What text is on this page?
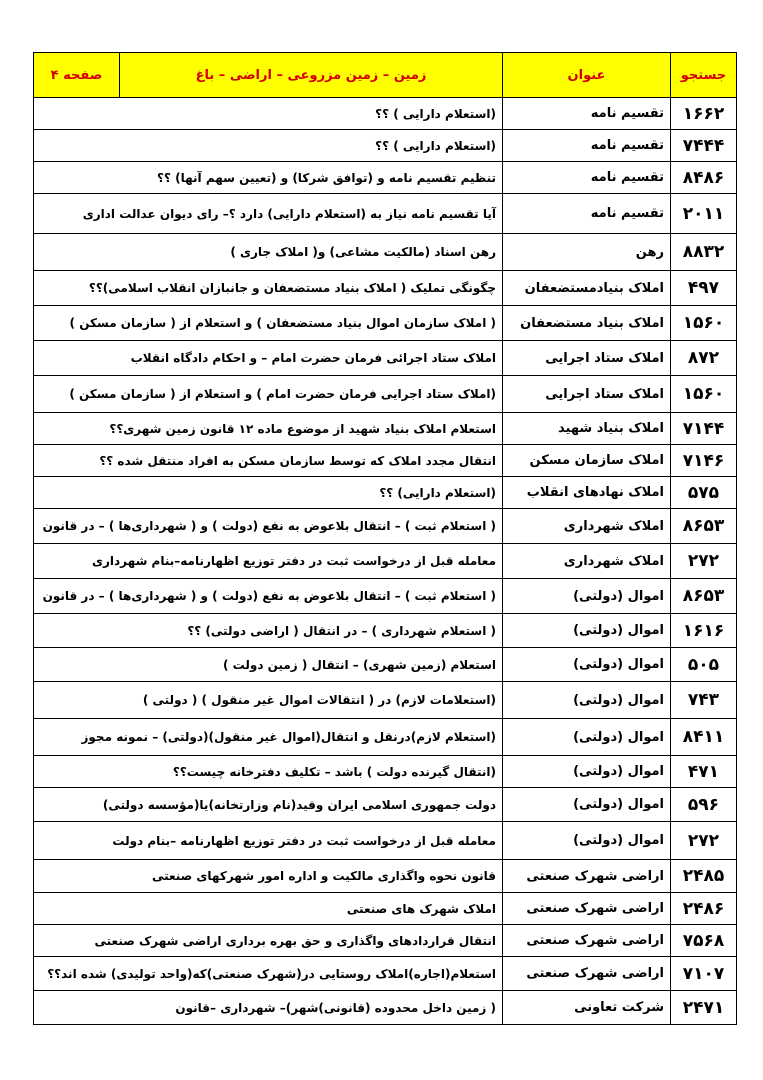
جستجو	عنوان	زمین – زمین مزروعی – اراضی – باغ	صفحه ۴
۱۶۶۲	تقسیم نامه	(استعلام دارایی ) ؟؟	
۷۴۴۴	تقسیم نامه	(استعلام دارایی ) ؟؟	
۸۴۸۶	تقسیم نامه	تنظیم تقسیم نامه و (توافق شرکا) و (تعیین سهم آنها) ؟؟	
۲۰۱۱	تقسیم نامه	آیا تقسیم نامه نیاز به (استعلام دارایی) دارد ؟– رای دیوان عدالت اداری	
۸۸۳۲	رهن	رهن اسناد (مالکیت مشاعی) و( املاک جاری )	
۴۹۷	املاک بنیادمستضعفان	چگونگی تملیک ( املاک بنیاد مستضعفان و جانبازان انقلاب اسلامی)؟؟	
۱۵۶۰	املاک بنیاد مستضعفان	( املاک سازمان اموال بنیاد مستضعفان ) و استعلام از ( سازمان مسکن )	
۸۷۲	املاک ستاد اجرایی	املاک ستاد اجرائی فرمان حضرت امام – و احکام دادگاه انقلاب	
۱۵۶۰	املاک ستاد اجرایی	(املاک ستاد اجرایی فرمان حضرت امام ) و استعلام از ( سازمان مسکن )	
۷۱۴۴	املاک بنیاد شهید	استعلام املاک بنیاد شهید از موضوع ماده ۱۲ قانون زمین شهری؟؟	
۷۱۴۶	املاک سازمان مسکن	انتقال مجدد املاک که توسط سازمان مسکن به افراد منتقل شده ؟؟	
۵۷۵	املاک نهادهای انقلاب	(استعلام دارایی) ؟؟	
۸۶۵۳	املاک شهرداری	( استعلام ثبت ) – انتقال بلاعوض به نفع (دولت ) و ( شهرداری‌ها ) – در قانون	
۲۷۲	املاک شهرداری	معامله قبل از درخواست ثبت در دفتر توزیع اظهارنامه–بنام شهرداری	
۸۶۵۳	اموال (دولتی)	( استعلام ثبت ) – انتقال بلاعوض به نفع (دولت ) و ( شهرداری‌ها ) – در قانون	
۱۶۱۶	اموال (دولتی)	( استعلام شهرداری ) – در انتقال ( اراضی دولتی) ؟؟	
۵۰۵	اموال (دولتی)	استعلام (زمین شهری) – انتقال ( زمین دولت )	
۷۴۳	اموال (دولتی)	(استعلامات لازم) در ( انتقالات اموال غیر منقول ) ( دولتی )	
۸۴۱۱	اموال (دولتی)	(استعلام لازم)درنقل و انتقال(اموال غیر منقول)(دولتی) – نمونه مجوز	
۴۷۱	اموال (دولتی)	(انتقال گیرنده دولت ) باشد – تکلیف دفترخانه چیست؟؟	
۵۹۶	اموال (دولتی)	دولت جمهوری اسلامی ایران وقید(نام وزارتخانه)یا(مؤسسه دولتی)	
۲۷۲	اموال (دولتی)	معامله قبل از درخواست ثبت در دفتر توزیع اظهارنامه –بنام دولت	
۲۴۸۵	اراضی شهرک صنعتی	قانون نحوه واگذاری مالکیت و اداره امور شهرکهای صنعتی	
۲۴۸۶	اراضی شهرک صنعتی	املاک شهرک های صنعتی	
۷۵۶۸	اراضی شهرک صنعتی	انتقال قراردادهای واگذاری و حق بهره برداری اراضی شهرک صنعتی	
۷۱۰۷	اراضی شهرک صنعتی	استعلام(اجاره)املاک روستایی در(شهرک صنعتی)که(واحد تولیدی) شده اند؟؟	
۲۴۷۱	شرکت تعاونی	( زمین داخل محدوده (قانونی)شهر)– شهرداری –قانون	
